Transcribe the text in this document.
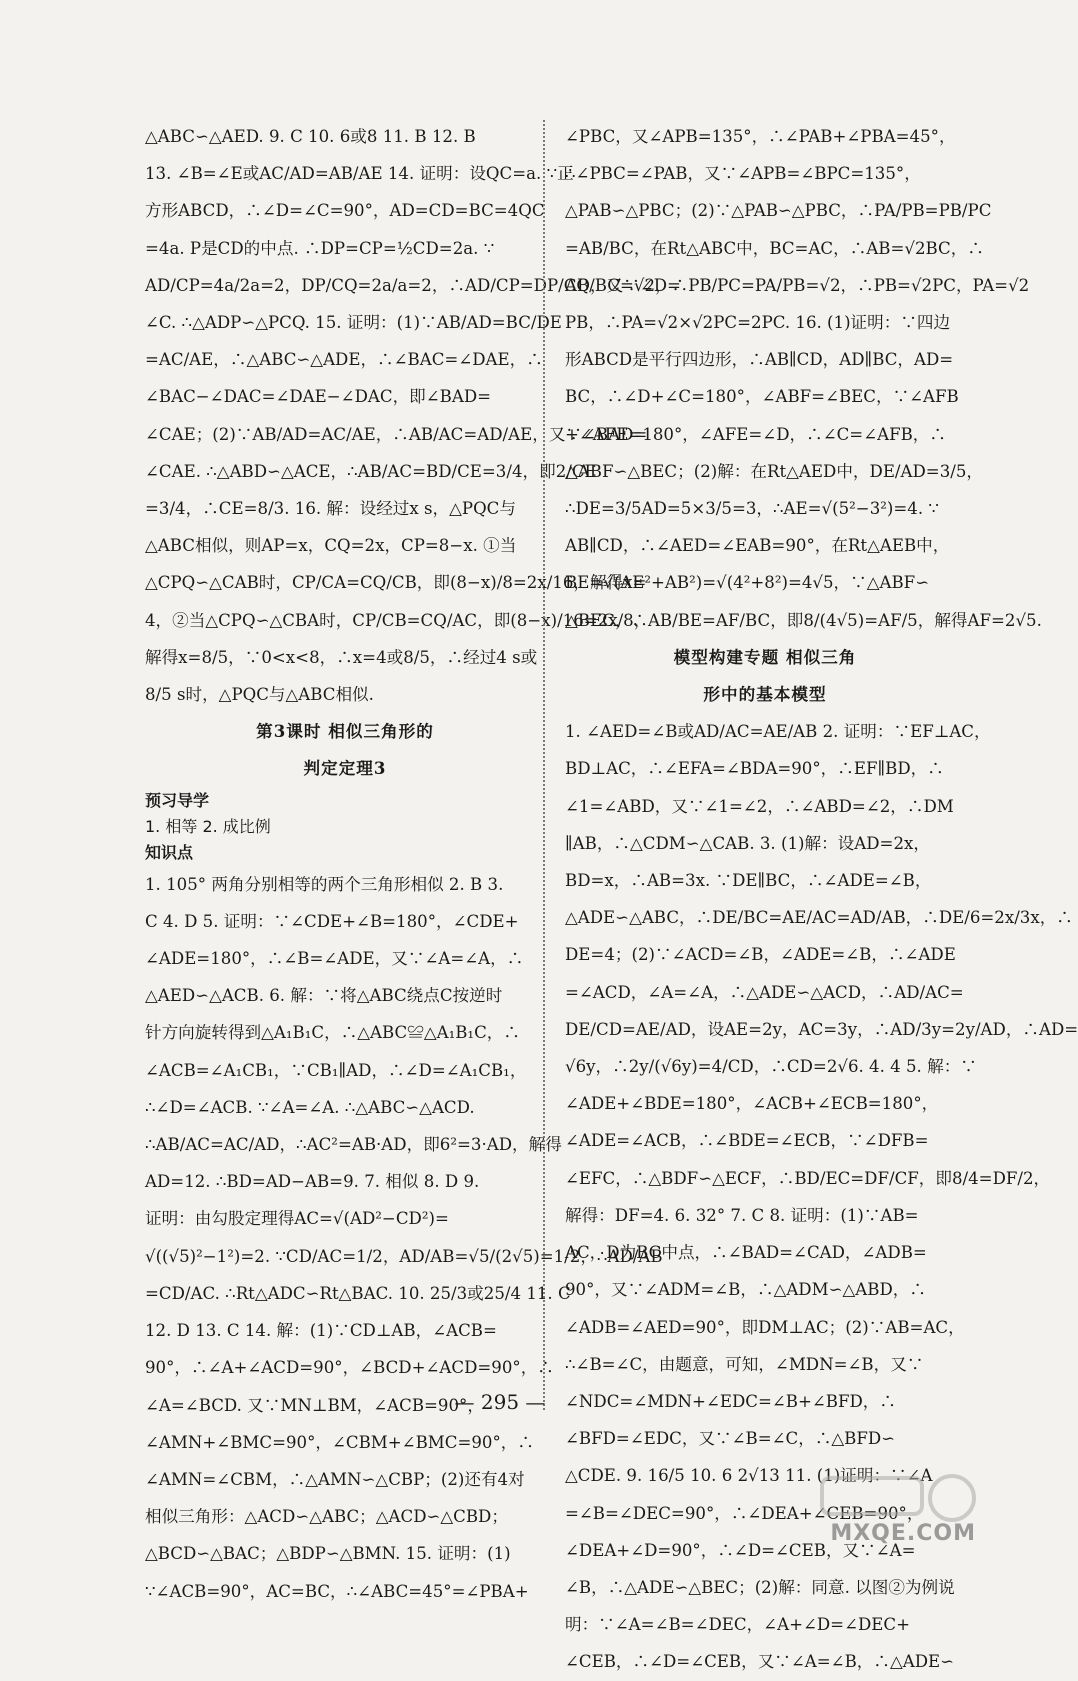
△ABC∽△AED. 9. C 10. 6或8 11. B 12. B

13. ∠B=∠E或AC/AD=AB/AE 14. 证明：设QC=a. ∵正

方形ABCD，∴∠D=∠C=90°，AD=CD=BC=4QC

=4a. P是CD的中点. ∴DP=CP=½CD=2a. ∵

AD/CP=4a/2a=2，DP/CQ=2a/a=2，∴AD/CP=DP/CQ，又∵∠D=

∠C. ∴△ADP∽△PCQ. 15. 证明：(1)∵AB/AD=BC/DE

=AC/AE，∴△ABC∽△ADE，∴∠BAC=∠DAE，∴

∠BAC−∠DAC=∠DAE−∠DAC，即∠BAD=

∠CAE；(2)∵AB/AD=AC/AE，∴AB/AC=AD/AE，又∵∠BAD=

∠CAE. ∴△ABD∽△ACE，∴AB/AC=BD/CE=3/4，即2/CE

=3/4，∴CE=8/3. 16. 解：设经过x s，△PQC与

△ABC相似，则AP=x，CQ=2x，CP=8−x. ①当

△CPQ∽△CAB时，CP/CA=CQ/CB，即(8−x)/8=2x/16，解得x=

4，②当△CPQ∽△CBA时，CP/CB=CQ/AC，即(8−x)/16=2x/8，

解得x=8/5，∵0<x<8，∴x=4或8/5，∴经过4 s或

8/5 s时，△PQC与△ABC相似.

第3课时 相似三角形的

判定定理3

预习导学

1. 相等 2. 成比例

知识点

1. 105° 两角分别相等的两个三角形相似 2. B 3.

C 4. D 5. 证明：∵∠CDE+∠B=180°，∠CDE+

∠ADE=180°，∴∠B=∠ADE，又∵∠A=∠A，∴

△AED∽△ACB. 6. 解：∵将△ABC绕点C按逆时

针方向旋转得到△A₁B₁C，∴△ABC≌△A₁B₁C，∴

∠ACB=∠A₁CB₁，∵CB₁∥AD，∴∠D=∠A₁CB₁，

∴∠D=∠ACB. ∵∠A=∠A. ∴△ABC∽△ACD.

∴AB/AC=AC/AD，∴AC²=AB·AD，即6²=3·AD，解得

AD=12. ∴BD=AD−AB=9. 7. 相似 8. D 9.

证明：由勾股定理得AC=√(AD²−CD²)=

√((√5)²−1²)=2. ∵CD/AC=1/2，AD/AB=√5/(2√5)=1/2，∴AD/AB

=CD/AC. ∴Rt△ADC∽Rt△BAC. 10. 25/3或25/4 11. C

12. D 13. C 14. 解：(1)∵CD⊥AB，∠ACB=

90°，∴∠A+∠ACD=90°，∠BCD+∠ACD=90°，∴

∠A=∠BCD. 又∵MN⊥BM，∠ACB=90°，

∠AMN+∠BMC=90°，∠CBM+∠BMC=90°，∴

∠AMN=∠CBM，∴△AMN∽△CBP；(2)还有4对

相似三角形：△ACD∽△ABC；△ACD∽△CBD；

△BCD∽△BAC；△BDP∽△BMN. 15. 证明：(1)

∵∠ACB=90°，AC=BC，∴∠ABC=45°=∠PBA+

∠PBC，又∠APB=135°，∴∠PAB+∠PBA=45°，

∴∠PBC=∠PAB，又∵∠APB=∠BPC=135°，

△PAB∽△PBC；(2)∵△PAB∽△PBC，∴PA/PB=PB/PC

=AB/BC，在Rt△ABC中，BC=AC，∴AB=√2BC，∴

AB/BC=√2，∴PB/PC=PA/PB=√2，∴PB=√2PC，PA=√2

PB，∴PA=√2×√2PC=2PC. 16. (1)证明：∵四边

形ABCD是平行四边形，∴AB∥CD，AD∥BC，AD=

BC，∴∠D+∠C=180°，∠ABF=∠BEC，∵∠AFB

+∠AFE=180°，∠AFE=∠D，∴∠C=∠AFB，∴

△ABF∽△BEC；(2)解：在Rt△AED中，DE/AD=3/5，

∴DE=3/5AD=5×3/5=3，∴AE=√(5²−3²)=4. ∵

AB∥CD，∴∠AED=∠EAB=90°，在Rt△AEB中，

BE=√(AE²+AB²)=√(4²+8²)=4√5，∵△ABF∽

△BEC，∴AB/BE=AF/BC，即8/(4√5)=AF/5，解得AF=2√5.

模型构建专题 相似三角

形中的基本模型

1. ∠AED=∠B或AD/AC=AE/AB 2. 证明：∵EF⊥AC，

BD⊥AC，∴∠EFA=∠BDA=90°，∴EF∥BD，∴

∠1=∠ABD，又∵∠1=∠2，∴∠ABD=∠2，∴DM

∥AB，∴△CDM∽△CAB. 3. (1)解：设AD=2x，

BD=x，∴AB=3x. ∵DE∥BC，∴∠ADE=∠B，

△ADE∽△ABC，∴DE/BC=AE/AC=AD/AB，∴DE/6=2x/3x，∴

DE=4；(2)∵∠ACD=∠B，∠ADE=∠B，∴∠ADE

=∠ACD，∠A=∠A，∴△ADE∽△ACD，∴AD/AC=

DE/CD=AE/AD，设AE=2y，AC=3y，∴AD/3y=2y/AD，∴AD=

√6y，∴2y/(√6y)=4/CD，∴CD=2√6. 4. 4 5. 解：∵

∠ADE+∠BDE=180°，∠ACB+∠ECB=180°，

∠ADE=∠ACB，∴∠BDE=∠ECB，∵∠DFB=

∠EFC，∴△BDF∽△ECF，∴BD/EC=DF/CF，即8/4=DF/2，

解得：DF=4. 6. 32° 7. C 8. 证明：(1)∵AB=

AC，D为BC中点，∴∠BAD=∠CAD，∠ADB=

90°，又∵∠ADM=∠B，∴△ADM∽△ABD，∴

∠ADB=∠AED=90°，即DM⊥AC；(2)∵AB=AC，

∴∠B=∠C，由题意，可知，∠MDN=∠B，又∵

∠NDC=∠MDN+∠EDC=∠B+∠BFD，∴

∠BFD=∠EDC，又∵∠B=∠C，∴△BFD∽

△CDE. 9. 16/5 10. 6 2√13 11. (1)证明：∵∠A

=∠B=∠DEC=90°，∴∠DEA+∠CEB=90°，

∠DEA+∠D=90°，∴∠D=∠CEB，又∵∠A=

∠B，∴△ADE∽△BEC；(2)解：同意. 以图②为例说

明：∵∠A=∠B=∠DEC，∠A+∠D=∠DEC+

∠CEB，∴∠D=∠CEB，又∵∠A=∠B，∴△ADE∽

— 295 —
MXQE.COM
